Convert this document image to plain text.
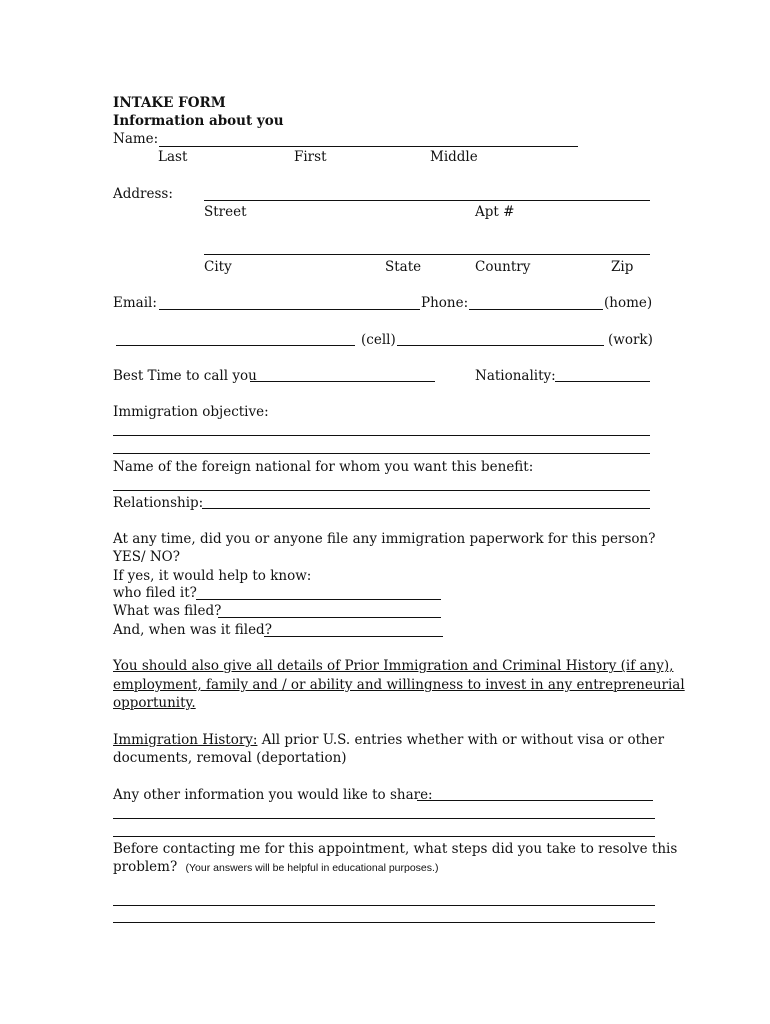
INTAKE FORM
Information about you
Name:
Last	First	Middle
Address:
Street	Apt #
City	State	Country	Zip
Email:	Phone:	(home)
(cell)	(work)
Best Time to call you	Nationality:
Immigration objective:
Name of the foreign national for whom you want this benefit:
Relationship:
At any time, did you or anyone file any immigration paperwork for this person?
YES/ NO?
If yes, it would help to know:
who filed it?
What was filed?
And, when was it filed?
You should also give all details of Prior Immigration and Criminal History (if any),
employment, family and / or ability and willingness to invest in any entrepreneurial
opportunity.
Immigration History: All prior U.S. entries whether with or without visa or other
documents, removal (deportation)
Any other information you would like to share:
Before contacting me for this appointment, what steps did you take to resolve this
problem? (Your answers will be helpful in educational purposes.)
